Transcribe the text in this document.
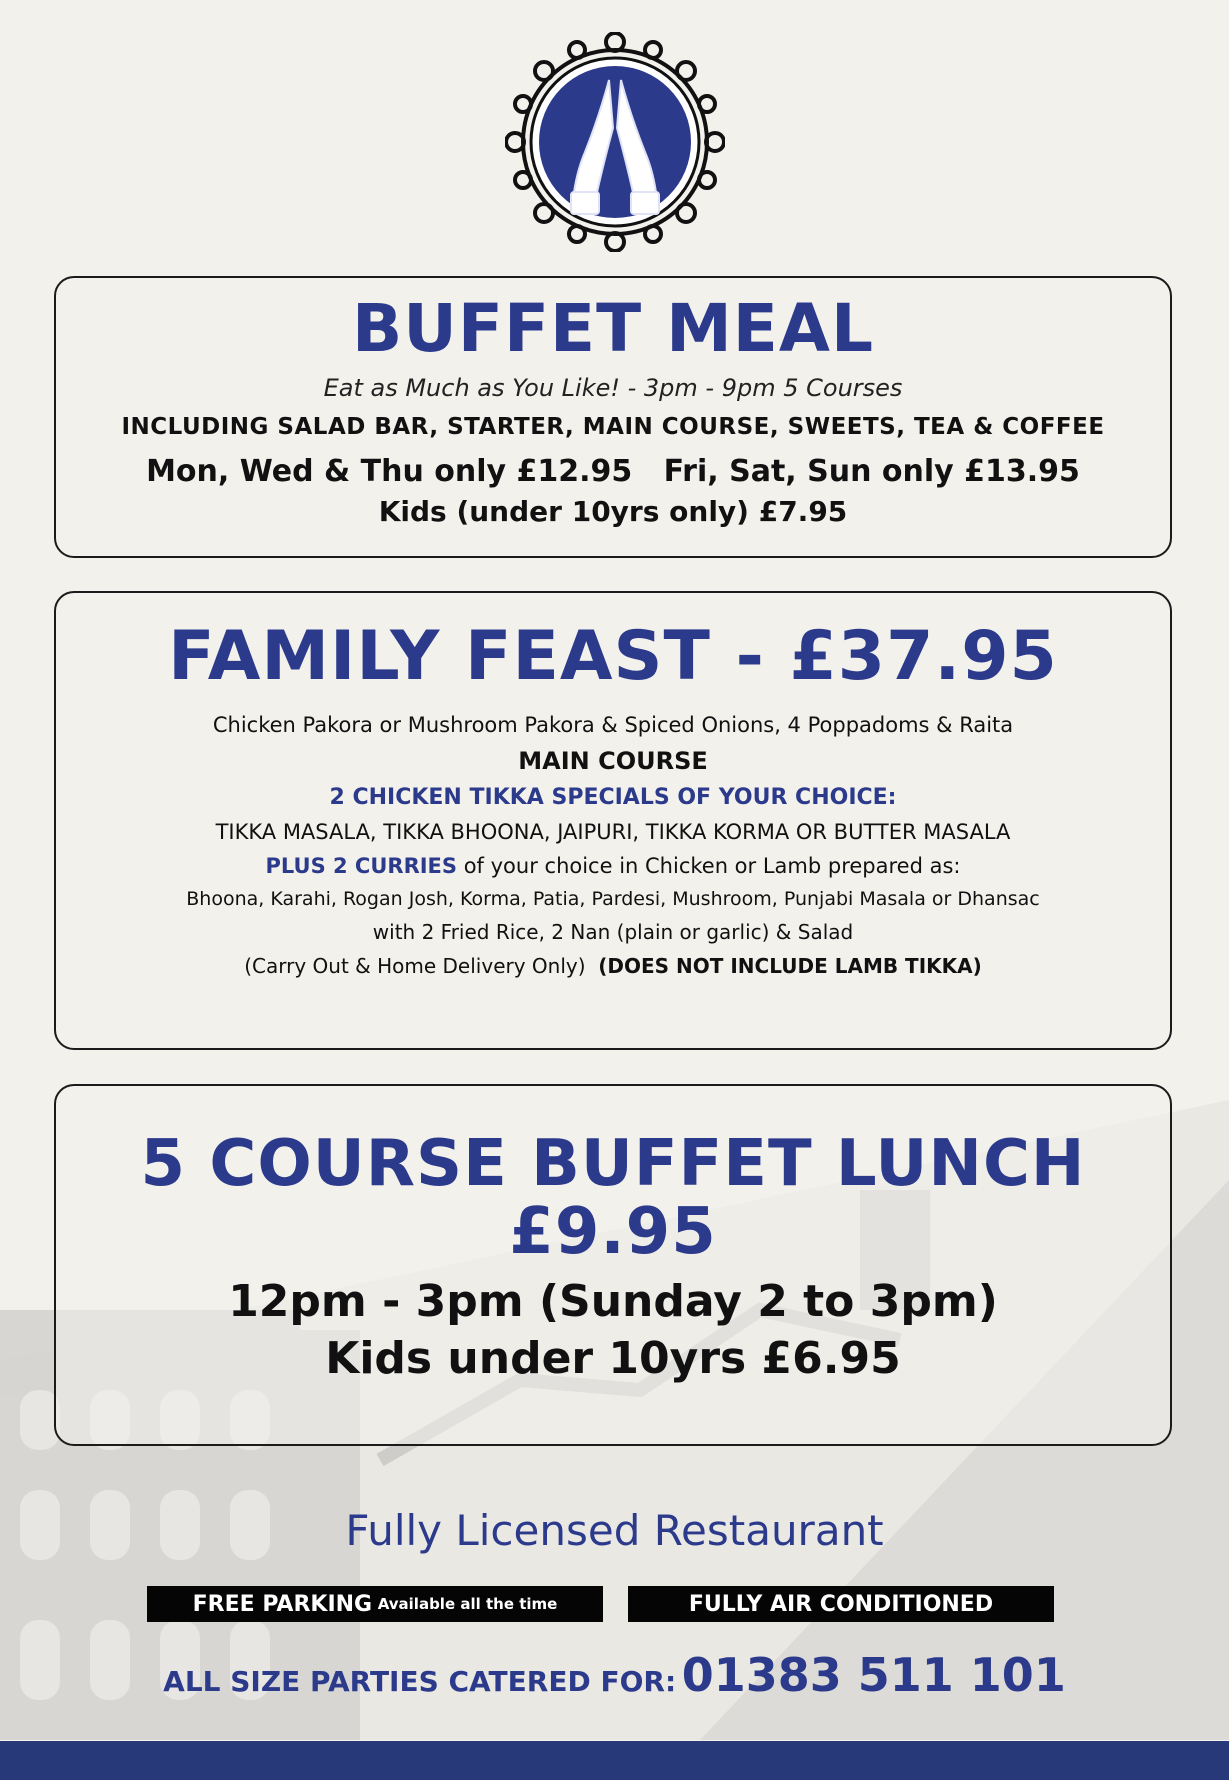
BUFFET MEAL
Eat as Much as You Like! - 3pm - 9pm 5 Courses
INCLUDING SALAD BAR, STARTER, MAIN COURSE, SWEETS, TEA & COFFEE
Mon, Wed & Thu only £12.95 Fri, Sat, Sun only £13.95
Kids (under 10yrs only) £7.95
FAMILY FEAST - £37.95
Chicken Pakora or Mushroom Pakora & Spiced Onions, 4 Poppadoms & Raita
MAIN COURSE
2 CHICKEN TIKKA SPECIALS OF YOUR CHOICE:
TIKKA MASALA, TIKKA BHOONA, JAIPURI, TIKKA KORMA OR BUTTER MASALA
PLUS 2 CURRIES of your choice in Chicken or Lamb prepared as:
Bhoona, Karahi, Rogan Josh, Korma, Patia, Pardesi, Mushroom, Punjabi Masala or Dhansac
with 2 Fried Rice, 2 Nan (plain or garlic) & Salad
(Carry Out & Home Delivery Only) (DOES NOT INCLUDE LAMB TIKKA)
5 COURSE BUFFET LUNCH
£9.95
12pm - 3pm (Sunday 2 to 3pm)
Kids under 10yrs £6.95
Fully Licensed Restaurant
FREE PARKING
Available all the time	FULLY AIR CONDITIONED
ALL SIZE PARTIES CATERED FOR: 01383 511 101
